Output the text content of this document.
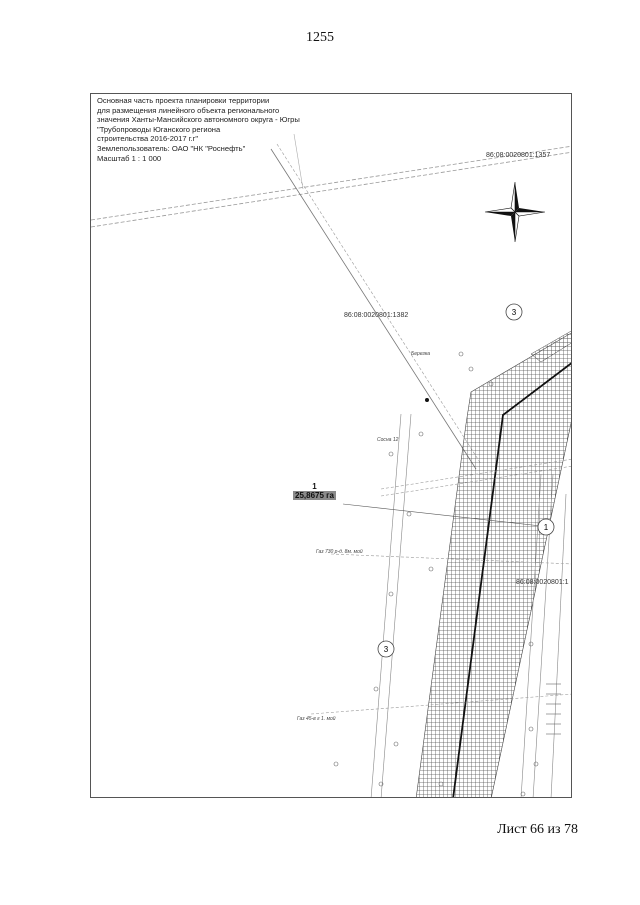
1255
1
3
3
Основная часть проекта планировки территории
для размещения линейного объекта регионального
значения Ханты-Мансийского автономного округа - Югры
"Трубопроводы Юганского региона
строительства 2016-2017 г.г"
Землепользователь: ОАО "НК "Роснефть"
Масштаб 1 : 1 000	86:08:0020801:1357
86:08:0020801:1382
86:08:0020801:1
Березка
Сосна 12
Газ 730 р-д. 8м. мой
Газ 45-в г 1. мой
1
25,8675 га
Лист 66 из 78
